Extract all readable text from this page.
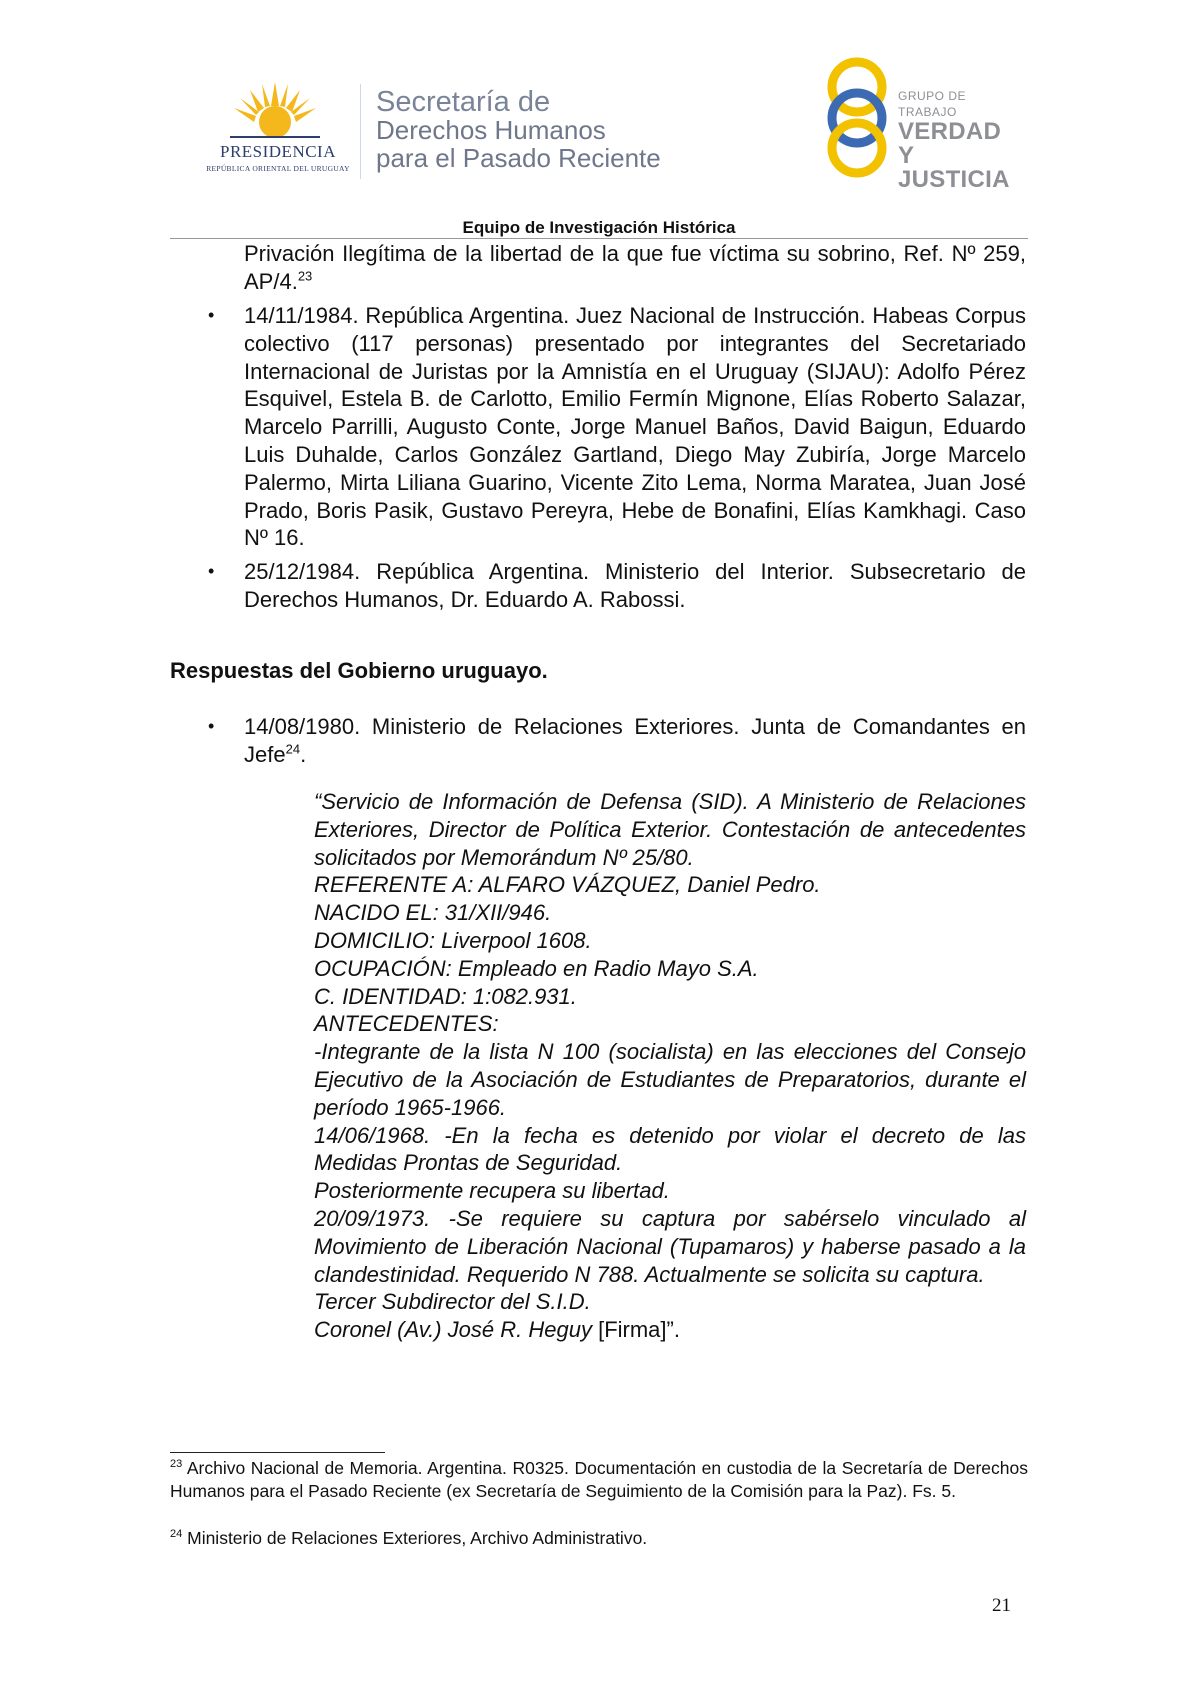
PRESIDENCIA
REPÚBLICA ORIENTAL DEL URUGUAY
Secretaría de
Derechos Humanos
para el Pasado Reciente
GRUPO DE TRABAJO
VERDAD Y
JUSTICIA
Equipo de Investigación Histórica
Privación Ilegítima de la libertad de la que fue víctima su sobrino, Ref. Nº 259, AP/4.23
• 14/11/1984. República Argentina. Juez Nacional de Instrucción. Habeas Corpus colectivo (117 personas) presentado por integrantes del Secretariado Internacional de Juristas por la Amnistía en el Uruguay (SIJAU): Adolfo Pérez Esquivel, Estela B. de Carlotto, Emilio Fermín Mignone, Elías Roberto Salazar, Marcelo Parrilli, Augusto Conte, Jorge Manuel Baños, David Baigun, Eduardo Luis Duhalde, Carlos González Gartland, Diego May Zubiría, Jorge Marcelo Palermo, Mirta Liliana Guarino, Vicente Zito Lema, Norma Maratea, Juan José Prado, Boris Pasik, Gustavo Pereyra, Hebe de Bonafini, Elías Kamkhagi. Caso Nº 16.
• 25/12/1984. República Argentina. Ministerio del Interior. Subsecretario de Derechos Humanos, Dr. Eduardo A. Rabossi.
Respuestas del Gobierno uruguayo.
• 14/08/1980. Ministerio de Relaciones Exteriores. Junta de Comandantes en Jefe$^{24}$.

“Servicio de Información de Defensa (SID). A Ministerio de Relaciones Exteriores, Director de Política Exterior. Contestación de antecedentes solicitados por Memorándum Nº 25/80.

REFERENTE A: ALFARO VÁZQUEZ, Daniel Pedro.

NACIDO EL: 31/XII/946.

DOMICILIO: Liverpool 1608.

OCUPACIÓN: Empleado en Radio Mayo S.A.

C. IDENTIDAD: 1:082.931.

ANTECEDENTES:

-Integrante de la lista N 100 (socialista) en las elecciones del Consejo Ejecutivo de la Asociación de Estudiantes de Preparatorios, durante el período 1965-1966.

14/06/1968. -En la fecha es detenido por violar el decreto de las Medidas Prontas de Seguridad.

Posteriormente recupera su libertad.

20/09/1973. -Se requiere su captura por sabérselo vinculado al Movimiento de Liberación Nacional (Tupamaros) y haberse pasado a la clandestinidad. Requerido N 788. Actualmente se solicita su captura.

Tercer Subdirector del S.I.D.

Coronel (Av.) José R. Heguy [Firma]”.

$^{23}$ Archivo Nacional de Memoria. Argentina. R0325. Documentación en custodia de la Secretaría de Derechos Humanos para el Pasado Reciente (ex Secretaría de Seguimiento de la Comisión para la Paz). Fs. 5.
$^{24}$ Ministerio de Relaciones Exteriores, Archivo Administrativo.
21
